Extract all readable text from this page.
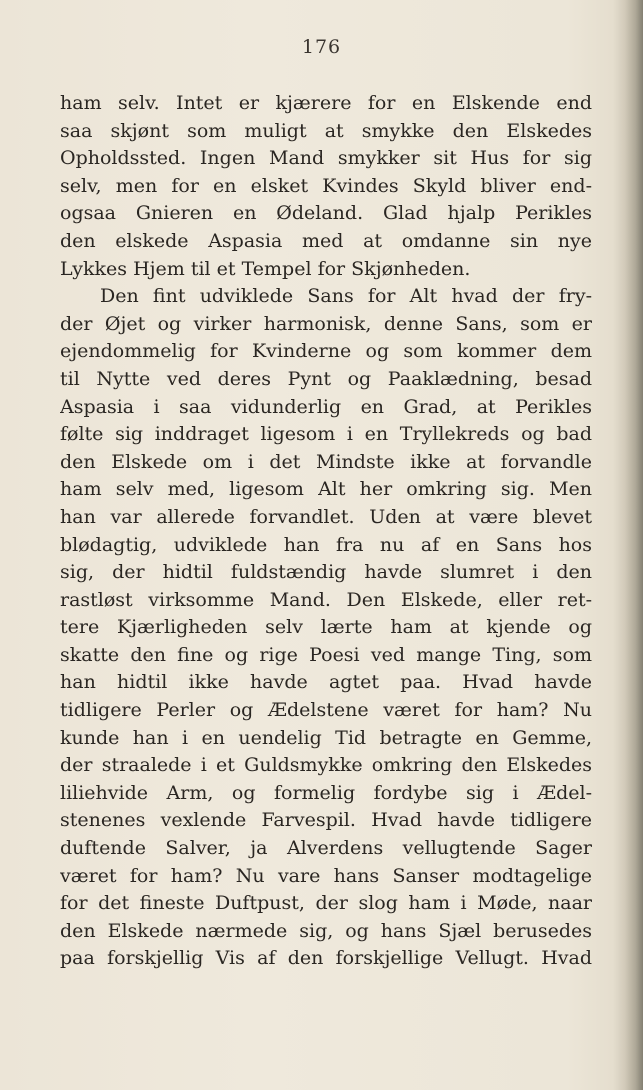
176
ham selv. Intet er kjærere for en Elskende end
saa skjønt som muligt at smykke den Elskedes
Opholdssted. Ingen Mand smykker sit Hus for sig
selv, men for en elsket Kvindes Skyld bliver end-
ogsaa Gnieren en Ødeland. Glad hjalp Perikles
den elskede Aspasia med at omdanne sin nye
Lykkes Hjem til et Tempel for Skjønheden.
Den fint udviklede Sans for Alt hvad der fry-
der Øjet og virker harmonisk, denne Sans, som er
ejendommelig for Kvinderne og som kommer dem
til Nytte ved deres Pynt og Paaklædning, besad
Aspasia i saa vidunderlig en Grad, at Perikles
følte sig inddraget ligesom i en Tryllekreds og bad
den Elskede om i det Mindste ikke at forvandle
ham selv med, ligesom Alt her omkring sig. Men
han var allerede forvandlet. Uden at være blevet
blødagtig, udviklede han fra nu af en Sans hos
sig, der hidtil fuldstændig havde slumret i den
rastløst virksomme Mand. Den Elskede, eller ret-
tere Kjærligheden selv lærte ham at kjende og
skatte den fine og rige Poesi ved mange Ting, som
han hidtil ikke havde agtet paa. Hvad havde
tidligere Perler og Ædelstene været for ham? Nu
kunde han i en uendelig Tid betragte en Gemme,
der straalede i et Guldsmykke omkring den Elskedes
liliehvide Arm, og formelig fordybe sig i Ædel-
stenenes vexlende Farvespil. Hvad havde tidligere
duftende Salver, ja Alverdens vellugtende Sager
været for ham? Nu vare hans Sanser modtagelige
for det fineste Duftpust, der slog ham i Møde, naar
den Elskede nærmede sig, og hans Sjæl berusedes
paa forskjellig Vis af den forskjellige Vellugt. Hvad
